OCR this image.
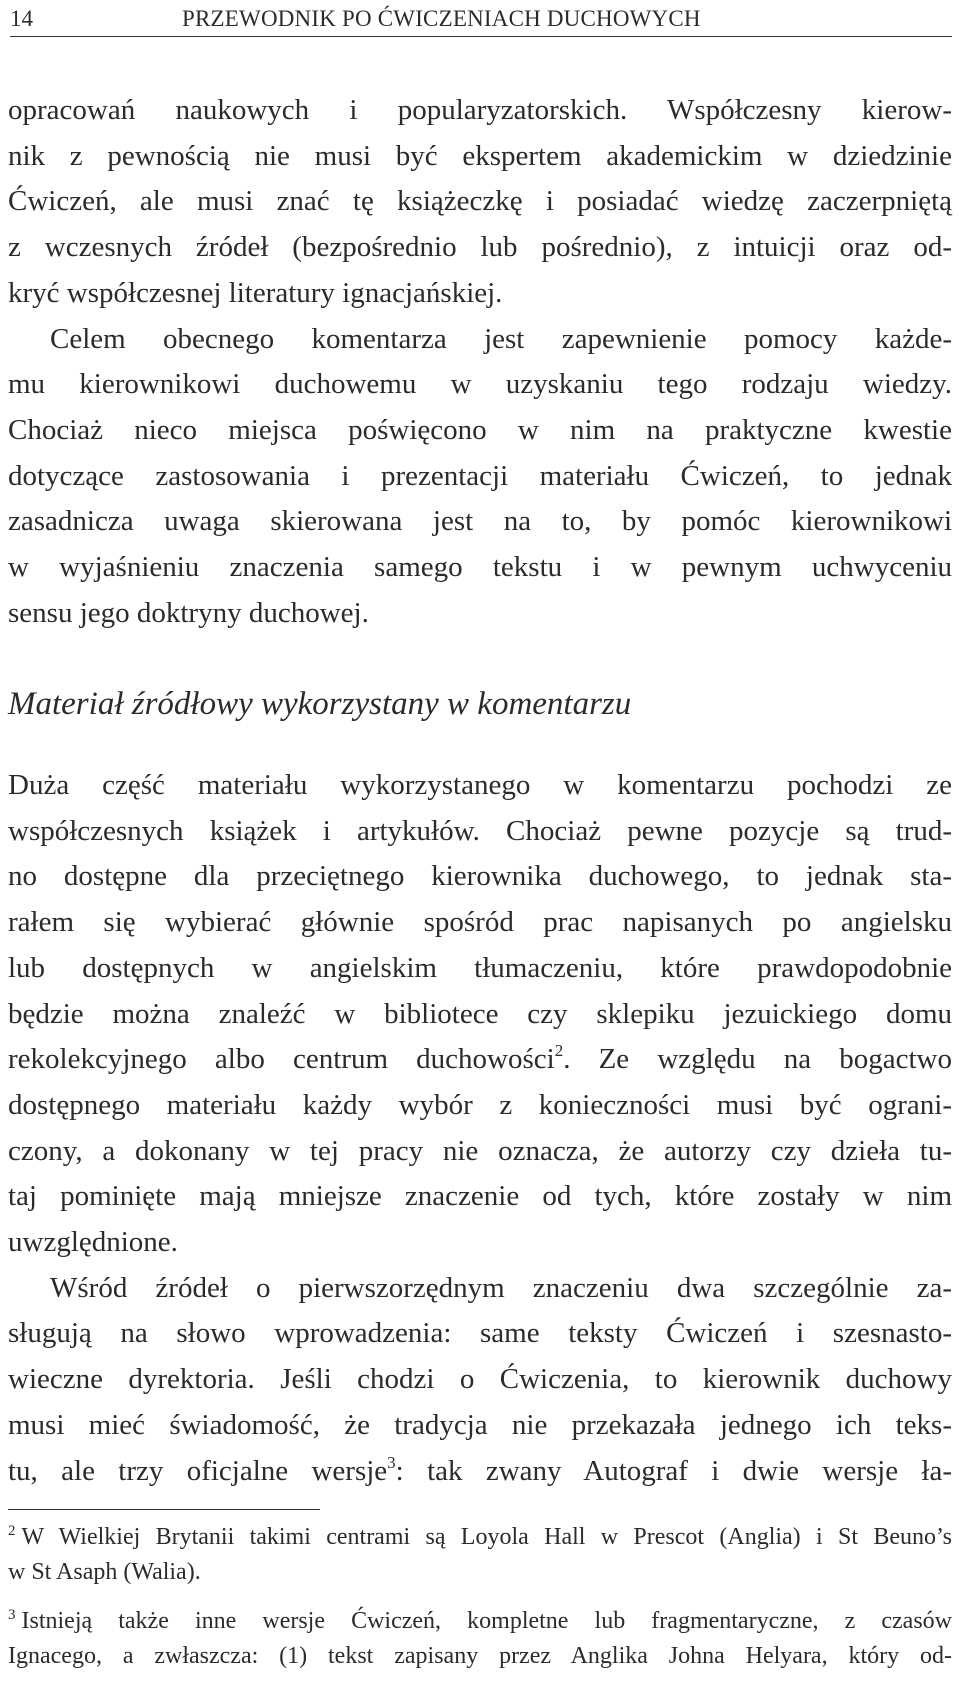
14	PRZEWODNIK PO ĆWICZENIACH DUCHOWYCH

opracowań naukowych i popularyzatorskich. Współczesny kierow-
nik z pewnością nie musi być ekspertem akademickim w dziedzinie
Ćwiczeń, ale musi znać tę książeczkę i posiadać wiedzę zaczerpniętą
z wczesnych źródeł (bezpośrednio lub pośrednio), z intuicji oraz od-
kryć współczesnej literatury ignacjańskiej.

Celem obecnego komentarza jest zapewnienie pomocy każde-
mu kierownikowi duchowemu w uzyskaniu tego rodzaju wiedzy.
Chociaż nieco miejsca poświęcono w nim na praktyczne kwestie
dotyczące zastosowania i prezentacji materiału Ćwiczeń, to jednak
zasadnicza uwaga skierowana jest na to, by pomóc kierownikowi
w wyjaśnieniu znaczenia samego tekstu i w pewnym uchwyceniu
sensu jego doktryny duchowej.

Materiał źródłowy wykorzystany w komentarzu

Duża część materiału wykorzystanego w komentarzu pochodzi ze
współczesnych książek i artykułów. Chociaż pewne pozycje są trud-
no dostępne dla przeciętnego kierownika duchowego, to jednak sta-
rałem się wybierać głównie spośród prac napisanych po angielsku
lub dostępnych w angielskim tłumaczeniu, które prawdopodobnie
będzie można znaleźć w bibliotece czy sklepiku jezuickiego domu
rekolekcyjnego albo centrum duchowości$^2$. Ze względu na bogactwo
dostępnego materiału każdy wybór z konieczności musi być ograni-
czony, a dokonany w tej pracy nie oznacza, że autorzy czy dzieła tu-
taj pominięte mają mniejsze znaczenie od tych, które zostały w nim
uwzględnione.

Wśród źródeł o pierwszorzędnym znaczeniu dwa szczególnie za-
sługują na słowo wprowadzenia: same teksty Ćwiczeń i szesnasto-
wieczne dyrektoria. Jeśli chodzi o Ćwiczenia, to kierownik duchowy
musi mieć świadomość, że tradycja nie przekazała jednego ich teks-
tu, ale trzy oficjalne wersje$^3$: tak zwany Autograf i dwie wersje ła-

$^2$ W Wielkiej Brytanii takimi centrami są Loyola Hall w Prescot (Anglia) i St Beuno’s
w St Asaph (Walia).

$^3$ Istnieją także inne wersje Ćwiczeń, kompletne lub fragmentaryczne, z czasów
Ignacego, a zwłaszcza: (1) tekst zapisany przez Anglika Johna Helyara, który od-
